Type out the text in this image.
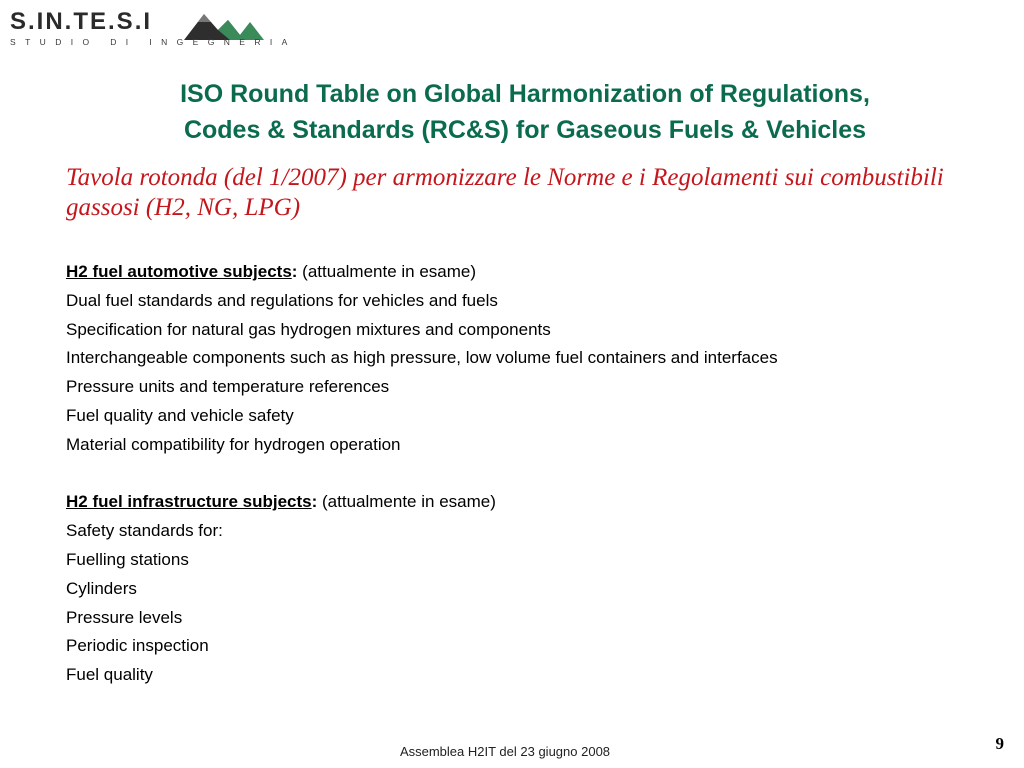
S.IN.TE.S.I
STUDIO DI INGEGNERIA
ISO Round Table on Global Harmonization of Regulations,
Codes & Standards (RC&S) for Gaseous Fuels & Vehicles
Tavola rotonda (del 1/2007) per armonizzare le Norme e i Regolamenti sui combustibili gassosi (H2, NG, LPG)
H2 fuel automotive subjects: (attualmente in esame)
Dual fuel standards and regulations for vehicles and fuels
Specification for natural gas hydrogen mixtures and components
Interchangeable components such as high pressure, low volume fuel containers and interfaces
Pressure units and temperature references
Fuel quality and vehicle safety
Material compatibility for hydrogen operation
H2 fuel infrastructure subjects: (attualmente in esame)
Safety standards for:
Fuelling stations
Cylinders
Pressure levels
Periodic inspection
Fuel quality
Assemblea H2IT del 23 giugno 2008	9
